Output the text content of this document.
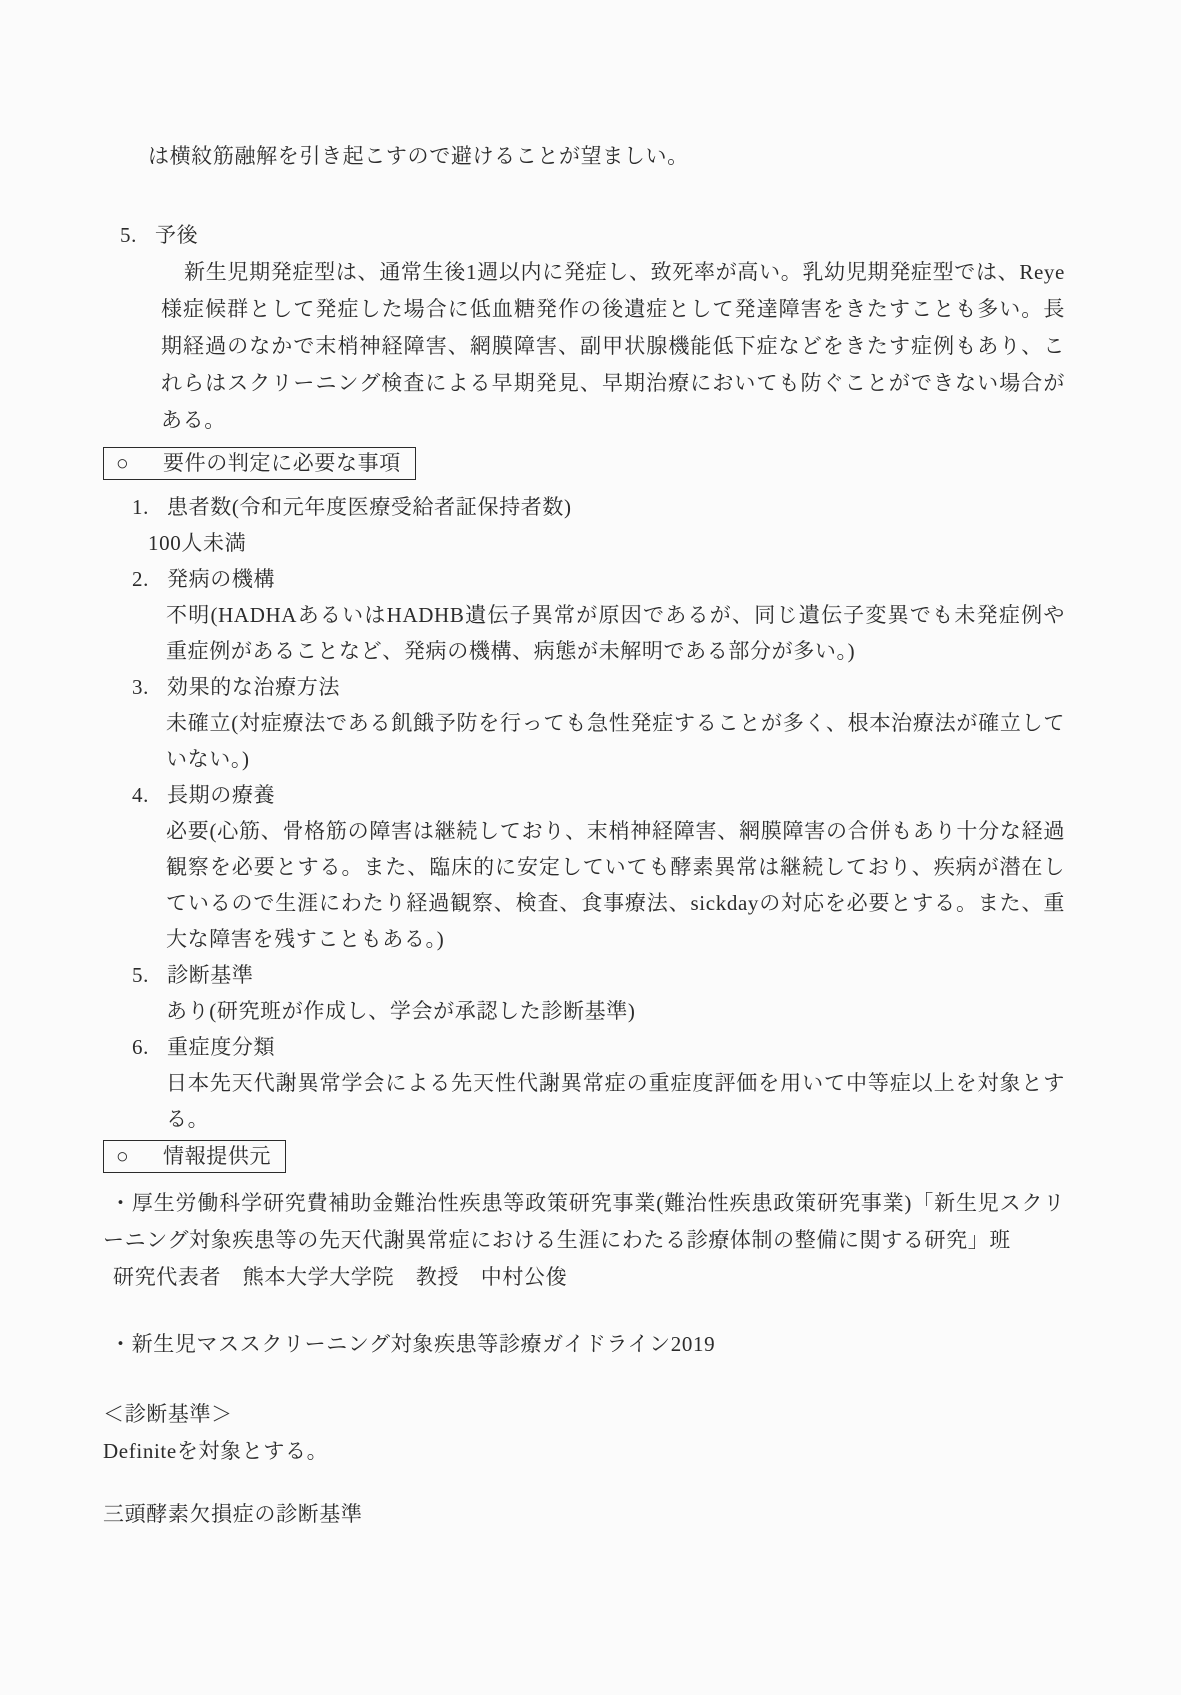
は横紋筋融解を引き起こすので避けることが望ましい。
5. 予後

新生児期発症型は、通常生後1週以内に発症し、致死率が高い。乳幼児期発症型では、Reye様症候群として発症した場合に低血糖発作の後遺症として発達障害をきたすことも多い。長期経過のなかで末梢神経障害、網膜障害、副甲状腺機能低下症などをきたす症例もあり、これらはスクリーニング検査による早期発見、早期治療においても防ぐことができない場合がある。

○ 要件の判定に必要な事項
1. 患者数(令和元年度医療受給者証保持者数)
100人未満
2. 発病の機構
不明(HADHAあるいはHADHB遺伝子異常が原因であるが、同じ遺伝子変異でも未発症例や重症例があることなど、発病の機構、病態が未解明である部分が多い。)
3. 効果的な治療方法
未確立(対症療法である飢餓予防を行っても急性発症することが多く、根本治療法が確立していない。)
4. 長期の療養
必要(心筋、骨格筋の障害は継続しており、末梢神経障害、網膜障害の合併もあり十分な経過観察を必要とする。また、臨床的に安定していても酵素異常は継続しており、疾病が潜在しているので生涯にわたり経過観察、検査、食事療法、sickdayの対応を必要とする。また、重大な障害を残すこともある。)
5. 診断基準
あり(研究班が作成し、学会が承認した診断基準)
6. 重症度分類
日本先天代謝異常学会による先天性代謝異常症の重症度評価を用いて中等症以上を対象とする。
○ 情報提供元
・厚生労働科学研究費補助金難治性疾患等政策研究事業(難治性疾患政策研究事業)「新生児スクリーニング対象疾患等の先天代謝異常症における生涯にわたる診療体制の整備に関する研究」班
研究代表者　熊本大学大学院　教授　中村公俊
・新生児マススクリーニング対象疾患等診療ガイドライン2019
＜診断基準＞
Definiteを対象とする。
三頭酵素欠損症の診断基準
